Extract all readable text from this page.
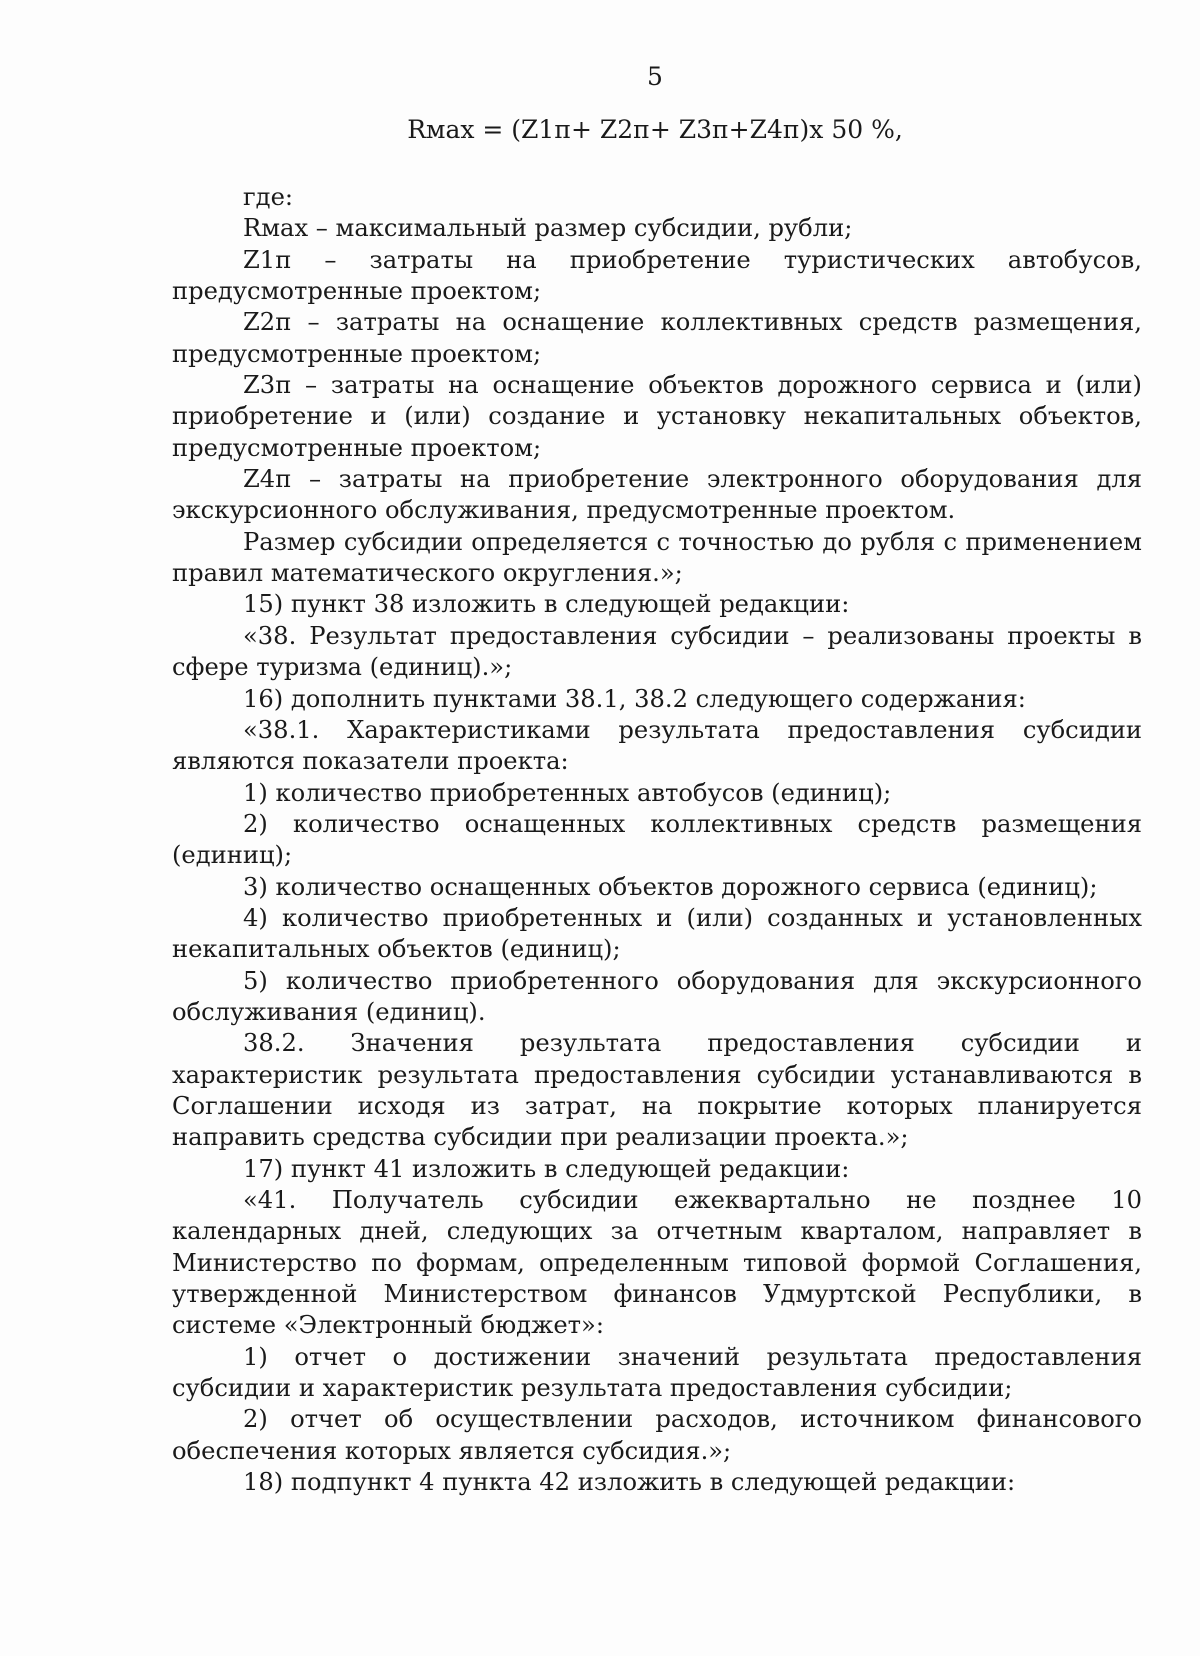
5
Rмах = (Z1п+ Z2п+ Z3п+Z4п)x 50 %,

где:

Rмах – максимальный размер субсидии, рубли;

Z1п – затраты на приобретение туристических автобусов, предусмотренные проектом;

Z2п – затраты на оснащение коллективных средств размещения, предусмотренные проектом;

Z3п – затраты на оснащение объектов дорожного сервиса и (или) приобретение и (или) создание и установку некапитальных объектов, предусмотренные проектом;

Z4п – затраты на приобретение электронного оборудования для экскурсионного обслуживания, предусмотренные проектом.

Размер субсидии определяется с точностью до рубля с применением правил математического округления.»;

15) пункт 38 изложить в следующей редакции:

«38. Результат предоставления субсидии – реализованы проекты в сфере туризма (единиц).»;

16) дополнить пунктами 38.1, 38.2 следующего содержания:

«38.1. Характеристиками результата предоставления субсидии являются показатели проекта:

1) количество приобретенных автобусов (единиц);

2) количество оснащенных коллективных средств размещения (единиц);

3) количество оснащенных объектов дорожного сервиса (единиц);

4) количество приобретенных и (или) созданных и установленных некапитальных объектов (единиц);

5) количество приобретенного оборудования для экскурсионного обслуживания (единиц).

38.2. Значения результата предоставления субсидии и характеристик результата предоставления субсидии устанавливаются в Соглашении исходя из затрат, на покрытие которых планируется направить средства субсидии при реализации проекта.»;

17) пункт 41 изложить в следующей редакции:

«41. Получатель субсидии ежеквартально не позднее 10 календарных дней, следующих за отчетным кварталом, направляет в Министерство по формам, определенным типовой формой Соглашения, утвержденной Министерством финансов Удмуртской Республики, в системе «Электронный бюджет»:

1) отчет о достижении значений результата предоставления субсидии и характеристик результата предоставления субсидии;

2) отчет об осуществлении расходов, источником финансового обеспечения которых является субсидия.»;

18) подпункт 4 пункта 42 изложить в следующей редакции:
